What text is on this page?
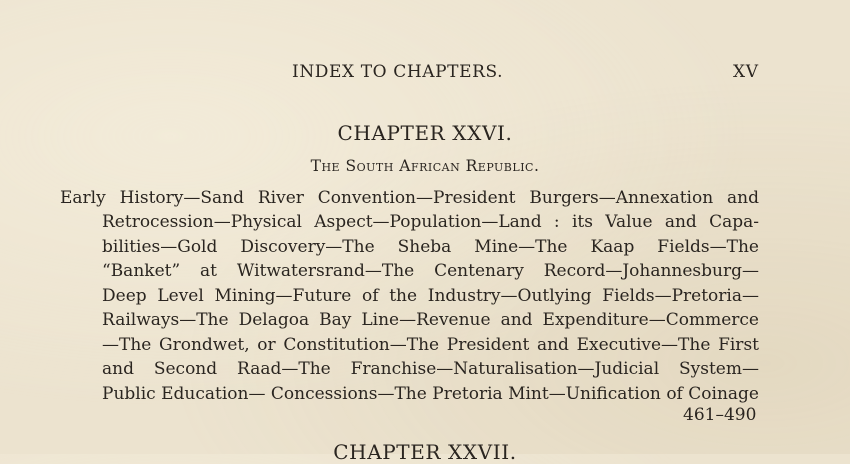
INDEX TO CHAPTERS.	XV
CHAPTER XXVI.
The South African Republic.
Early History—Sand River Convention—President Burgers—Annexation and
Retrocession—Physical Aspect—Population—Land : its Value and Capa-
bilities—Gold Discovery—The Sheba Mine—The Kaap Fields—The
“Banket” at Witwatersrand—The Centenary Record—Johannesburg—
Deep Level Mining—Future of the Industry—Outlying Fields—Pretoria—
Railways—The Delagoa Bay Line—Revenue and Expenditure—Commerce
—The Grondwet, or Constitution—The President and Executive—The First
and Second Raad—The Franchise—Naturalisation—Judicial System—
Public Education— Concessions—The Pretoria Mint—Unification of Coinage
461–490
CHAPTER XXVII.
